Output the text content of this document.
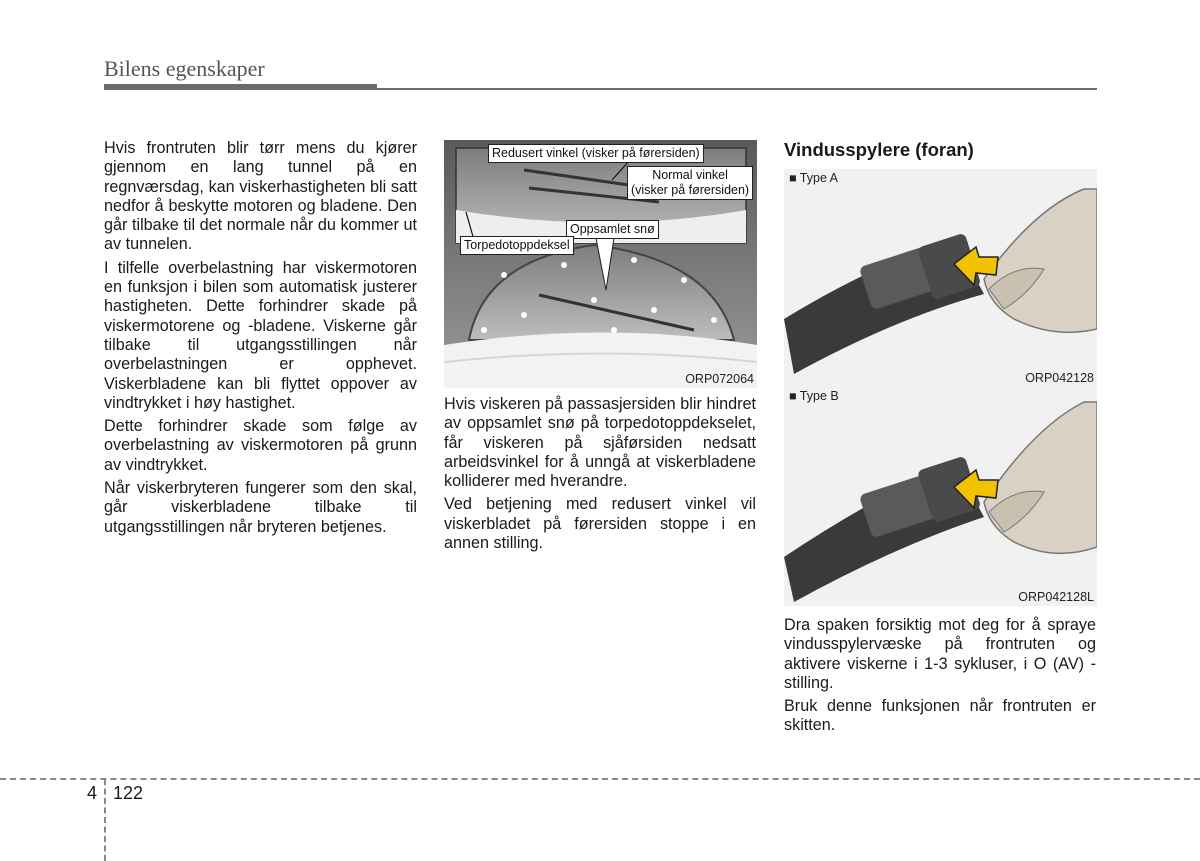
Bilens egenskaper

Hvis frontruten blir tørr mens du kjører gjennom en lang tunnel på en regnværsdag, kan viskerhastigheten bli satt nedfor å beskytte motoren og bladene. Den går tilbake til det normale når du kommer ut av tunnelen.

I tilfelle overbelastning har viskermotoren en funksjon i bilen som automatisk justerer hastigheten. Dette forhindrer skade på viskermotorene og -bladene. Viskerne går tilbake til utgangsstillingen når overbelastningen er opphevet. Viskerbladene kan bli flyttet oppover av vindtrykket i høy hastighet.

Dette forhindrer skade som følge av overbelastning av viskermotoren på grunn av vindtrykket.

Når viskerbryteren fungerer som den skal, går viskerbladene tilbake til utgangsstillingen når bryteren betjenes.

Redusert vinkel (visker på førersiden)
Normal vinkel
(visker på førersiden)
Oppsamlet snø
Torpedotoppdeksel
ORP072064

Hvis viskeren på passasjersiden blir hindret av oppsamlet snø på torpedotoppdekselet, får viskeren på sjåførsiden nedsatt arbeidsvinkel for å unngå at viskerbladene kolliderer med hverandre.

Ved betjening med redusert vinkel vil viskerbladet på førersiden stoppe i en annen stilling.

Vindusspylere (foran)
■ Type A
ORP042128
■ Type B
ORP042128L

Dra spaken forsiktig mot deg for å spraye vindusspylervæske på frontruten og aktivere viskerne i 1-3 sykluser, i O (AV) -stilling.

Bruk denne funksjonen når frontruten er skitten.

4 122
